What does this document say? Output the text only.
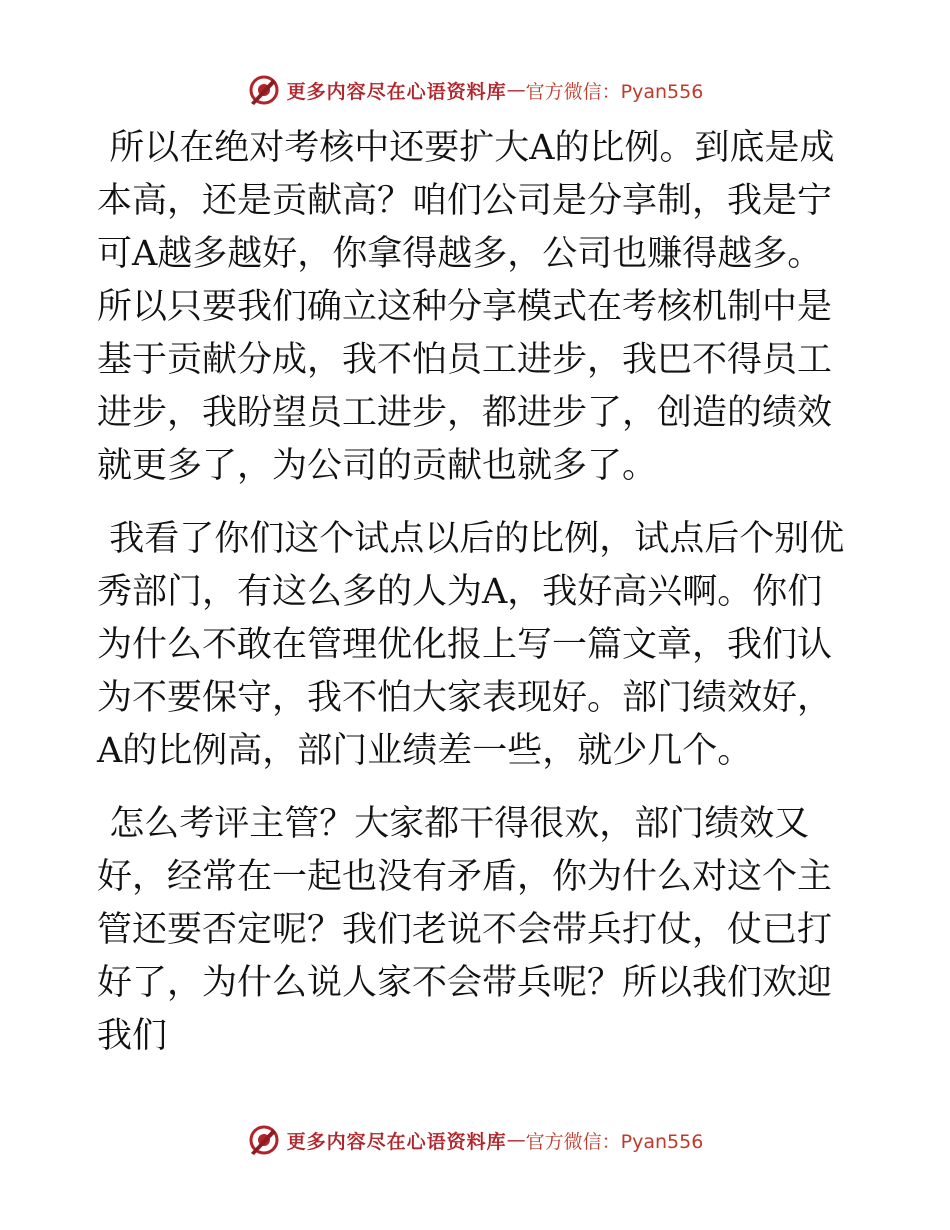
更多内容尽在心语资料库 — 官方微信：Pyan556

所以在绝对考核中还要扩大A的比例。到底是成本高，还是贡献高？咱们公司是分享制，我是宁可A越多越好，你拿得越多，公司也赚得越多。所以只要我们确立这种分享模式在考核机制中是基于贡献分成，我不怕员工进步，我巴不得员工进步，我盼望员工进步，都进步了，创造的绩效就更多了，为公司的贡献也就多了。

我看了你们这个试点以后的比例，试点后个别优秀部门，有这么多的人为A，我好高兴啊。你们为什么不敢在管理优化报上写一篇文章，我们认为不要保守，我不怕大家表现好。部门绩效好，A的比例高，部门业绩差一些，就少几个。

怎么考评主管？大家都干得很欢，部门绩效又好，经常在一起也没有矛盾，你为什么对这个主管还要否定呢？我们老说不会带兵打仗，仗已打好了，为什么说人家不会带兵呢？所以我们欢迎我们

更多内容尽在心语资料库 — 官方微信：Pyan556
